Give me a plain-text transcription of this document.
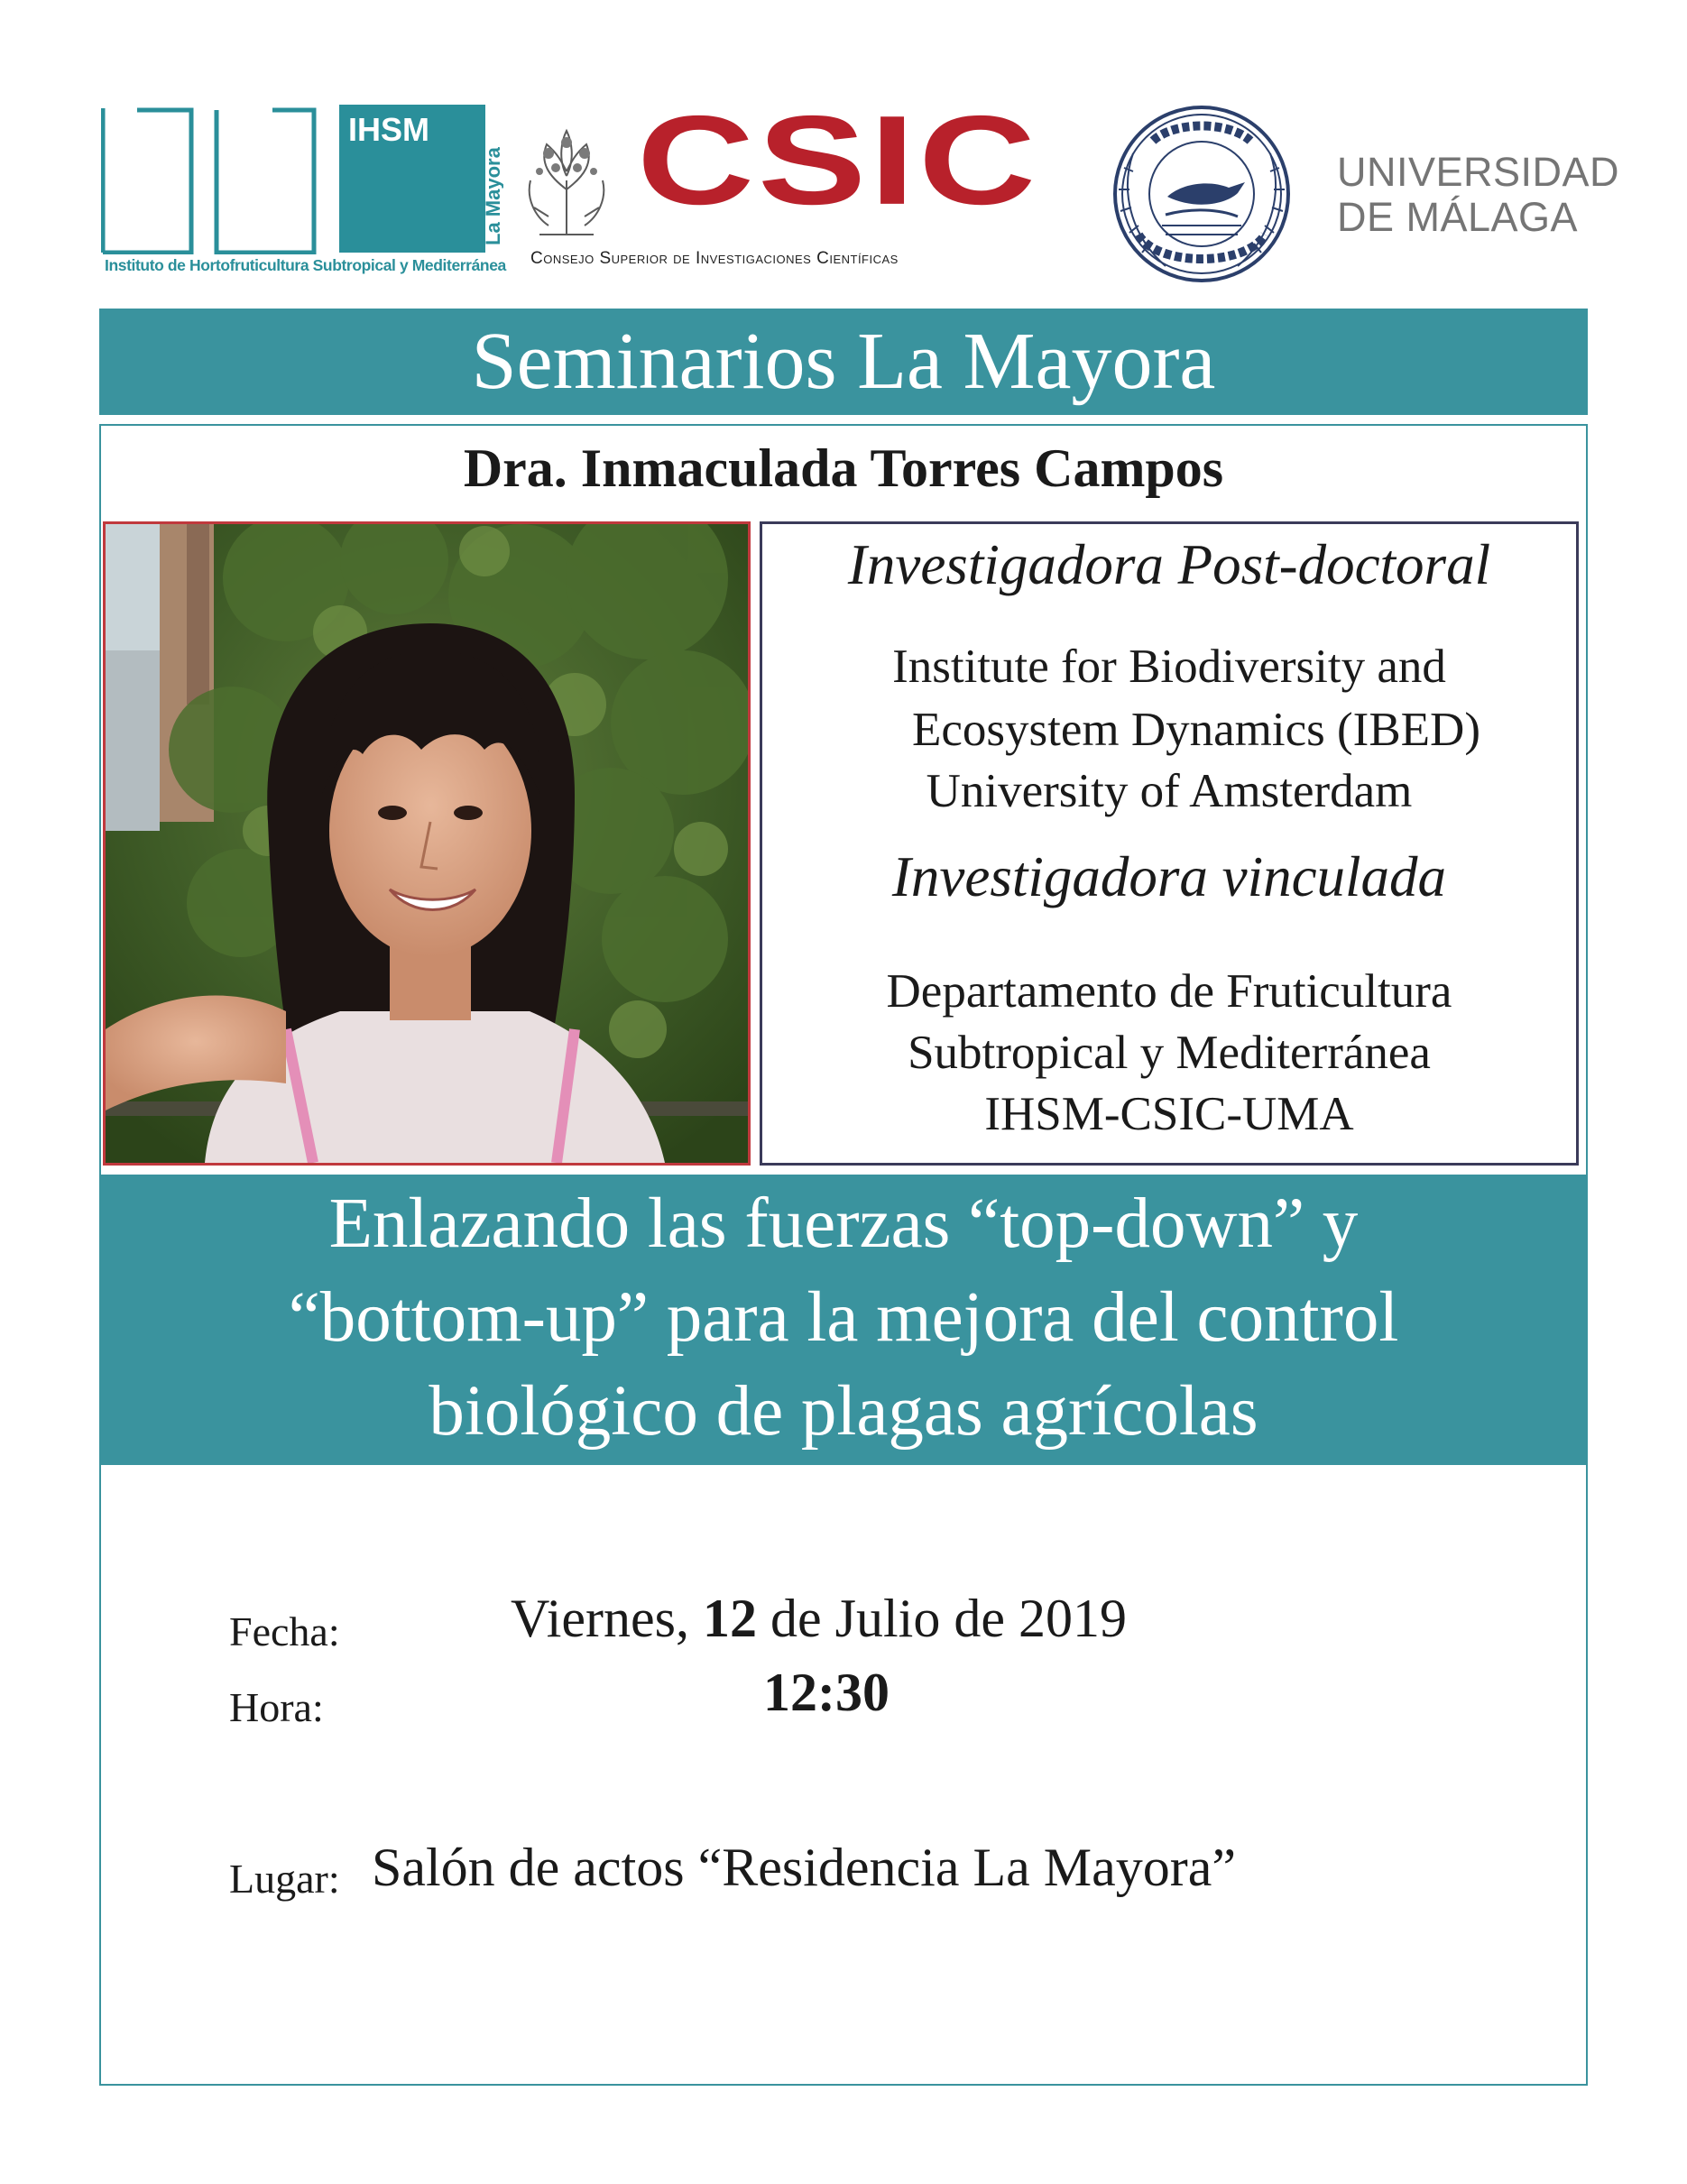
IHSM
La Mayora
Instituto de Hortofruticultura Subtropical y Mediterránea
CSIC
Consejo Superior de Investigaciones Científicas
UNIVERSIDAD
DE MÁLAGA
Seminarios La Mayora
Dra. Inmaculada Torres Campos
Investigadora Post-doctoral
Institute for Biodiversity and
Ecosystem Dynamics (IBED)
University of Amsterdam
Investigadora vinculada
Departamento de Fruticultura
Subtropical y Mediterránea
IHSM-CSIC-UMA
Enlazando las fuerzas “top-down” y
“bottom-up” para la mejora del control
biológico de plagas agrícolas
Fecha:	Viernes, 12 de Julio de 2019
Hora:	12:30
Lugar: Salón de actos “Residencia La Mayora”
